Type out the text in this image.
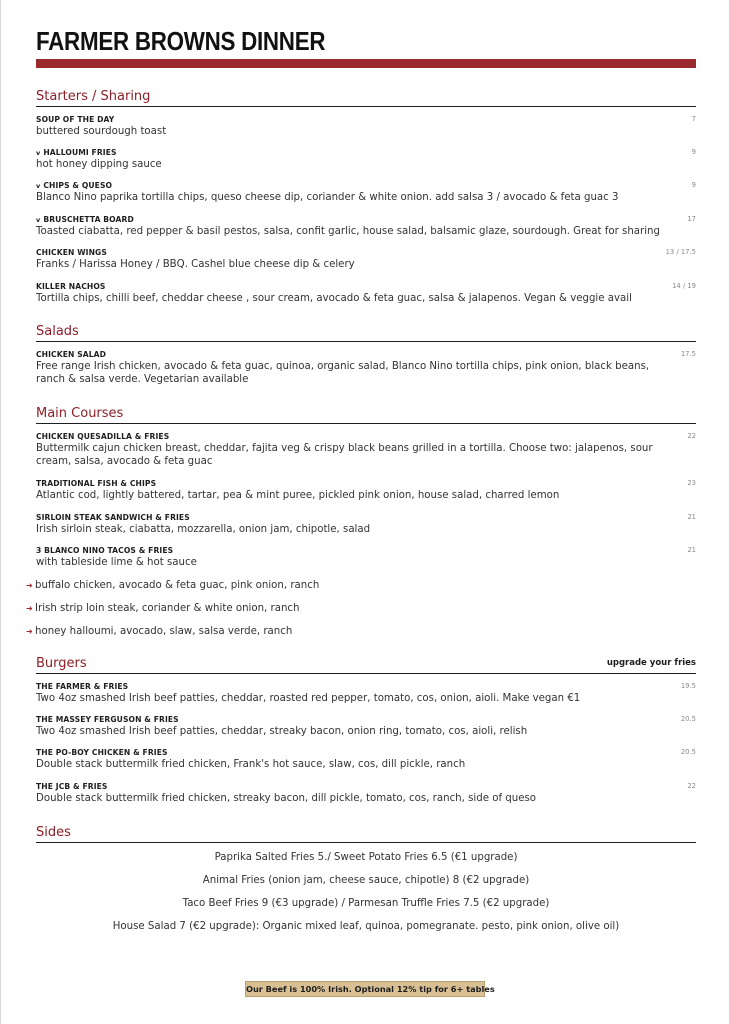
FARMER BROWNS DINNER
Starters / Sharing
SOUP OF THE DAY
buttered sourdough toast
7
v HALLOUMI FRIES
hot honey dipping sauce
9
v CHIPS & QUESO
Blanco Nino paprika tortilla chips, queso cheese dip, coriander & white onion. add salsa 3 / avocado & feta guac 3
9
v BRUSCHETTA BOARD
Toasted ciabatta, red pepper & basil pestos, salsa, confit garlic, house salad, balsamic glaze, sourdough. Great for sharing
17
CHICKEN WINGS
Franks / Harissa Honey / BBQ. Cashel blue cheese dip & celery
13 / 17.5
KILLER NACHOS
Tortilla chips, chilli beef, cheddar cheese , sour cream, avocado & feta guac, salsa & jalapenos. Vegan & veggie avail
14 / 19
Salads
CHICKEN SALAD
Free range Irish chicken, avocado & feta guac, quinoa, organic salad, Blanco Nino tortilla chips, pink onion, black beans, ranch & salsa verde. Vegetarian available
17.5
Main Courses
CHICKEN QUESADILLA & FRIES
Buttermilk cajun chicken breast, cheddar, fajita veg & crispy black beans grilled in a tortilla. Choose two: jalapenos, sour cream, salsa, avocado & feta guac
22
TRADITIONAL FISH & CHIPS
Atlantic cod, lightly battered, tartar, pea & mint puree, pickled pink onion, house salad, charred lemon
23
SIRLOIN STEAK SANDWICH & FRIES
Irish sirloin steak, ciabatta, mozzarella, onion jam, chipotle, salad
21
3 BLANCO NINO TACOS & FRIES
with tableside lime & hot sauce
21
➜ buffalo chicken, avocado & feta guac, pink onion, ranch
➜ Irish strip loin steak, coriander & white onion, ranch
➜ honey halloumi, avocado, slaw, salsa verde, ranch
Burgers	upgrade your fries
THE FARMER & FRIES
Two 4oz smashed Irish beef patties, cheddar, roasted red pepper, tomato, cos, onion, aioli. Make vegan €1
19.5
THE MASSEY FERGUSON & FRIES
Two 4oz smashed Irish beef patties, cheddar, streaky bacon, onion ring, tomato, cos, aioli, relish
20.5
THE PO-BOY CHICKEN & FRIES
Double stack buttermilk fried chicken, Frank's hot sauce, slaw, cos, dill pickle, ranch
20.5
THE JCB & FRIES
Double stack buttermilk fried chicken, streaky bacon, dill pickle, tomato, cos, ranch, side of queso
22
Sides
Paprika Salted Fries 5./ Sweet Potato Fries 6.5 (€1 upgrade)
Animal Fries (onion jam, cheese sauce, chipotle) 8 (€2 upgrade)
Taco Beef Fries 9 (€3 upgrade) / Parmesan Truffle Fries 7.5 (€2 upgrade)
House Salad 7 (€2 upgrade): Organic mixed leaf, quinoa, pomegranate. pesto, pink onion, olive oil)
Our Beef is 100% Irish. Optional 12% tip for 6+ tables
